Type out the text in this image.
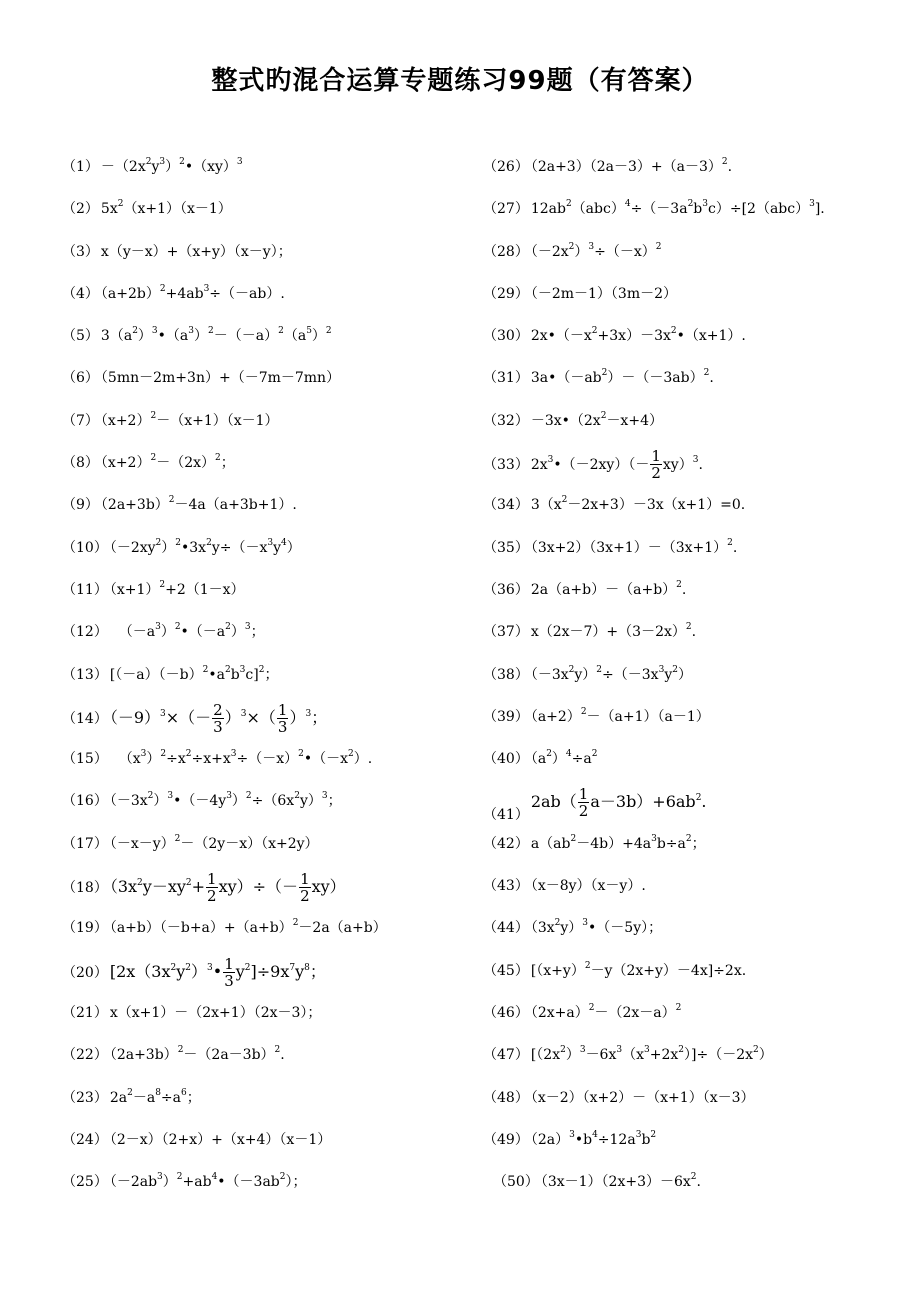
整式旳混合运算专题练习99题（有答案）
$(1) -(2x^2y^3)^2•(xy)^3$
（2） $5x^2(x+1)(x-1)$
（3） x（y－x）+（x+y）（x－y）；
（4） $(a+2b)^2+4ab^3\div(-ab)$.
（5） $3(a^2)^3•(a^3)^2-(-a)^2(a^5)^2$
（6） （5mn－2m+3n）+（－7m－7mn）
（7） $(x+2)^2-(x+1)(x-1)$
（8） $(x+2)^2-(2x)^2$；
（9） $(2a+3b)^2-4a(a+3b+1)$.
（10） $(-2xy^2)^2•3x^2y\div(-x^3y^4)$
（11） $(x+1)^2+2(1-x)$
（12）  $(-a^3)^2•(-a^2)^3$；
（13） $[(-a)(-b)^2•a^2b^3c]^2$；
（14） $(-9)^3\times(- \frac{2}{3} )^3\times( \frac{1}{3} )^3$；
（15）  $(x^3)^2\div x^2\div x+x^3\div(-x)^2•(-x^2)$.
（16） $(-3x^2)^3•(-4y^3)^2\div(6x^2y)^3$；
（17） $(-x-y)^2-(2y-x)(x+2y)$
（18） $(3x^2y-xy^2+ \frac{1}{2} xy)\div(- \frac{1}{2} xy)$
（19） $(a+b)(-b+a)+(a+b)^2-2a(a+b)$
（20） $[2x(3x^2y^2)^3• \frac{1}{3} y^2]\div 9x^7y^8$；
（21） x（x+1）－（2x+1）（2x－3）；
（22） $(2a+3b)^2-(2a-3b)^2$.
（23） $2a^2-a^8\div a^6$；
（24） （2－x）（2+x）+（x+4）（x－1）
（25） $(-2ab^3)^2+ab^4•(-3ab^2)$；
（26） $(2a+3)(2a-3)+(a-3)^2$.
（27） $12ab^2(abc)^4\div(-3a^2b^3c)\div[2(abc)^3]$.
（28） $(-2x^2)^3\div(-x)^2$
（29） （－2m－1）（3m－2）
（30） $2x•(-x^2+3x)-3x^2•(x+1)$.
（31） $3a•(-ab^2)-(-3ab)^2$.
$(32) -3x•(2x^2-x+4)$
（33） $2x^3•(-2xy)(- \frac{1}{2} xy)^3$.
（34） $3(x^2-2x+3)-3x(x+1)=0$.
（35） $(3x+2)(3x+1)-(3x+1)^2$.
（36） $2a(a+b)-(a+b)^2$.
（37） $x(2x-7)+(3-2x)^2$.
（38） $(-3x^2y)^2\div(-3x^3y^2)$
（39） $(a+2)^2-(a+1)(a-1)$
（40） $(a^2)^4\div a^2$
$(41)2ab( \frac{1}{2} a-3b)+6ab^2$.
（42） $a(ab^2-4b)+4a^3b\div a^2$；
（43） （x－8y）（x－y）.
（44） $(3x^2y)^3•(-5y)$；
（45） $[(x+y)^2-y(2x+y)-4x]\div 2x$.
（46） $(2x+a)^2-(2x-a)^2$
（47） $[(2x^2)^3-6x^3(x^3+2x^2)]\div(-2x^2)$
（48） （x－2）（x+2）－（x+1）（x－3）
（49） $(2a)^3•b^4\div 12a^3b^2$
（50） $(3x-1)(2x+3)-6x^2$.
